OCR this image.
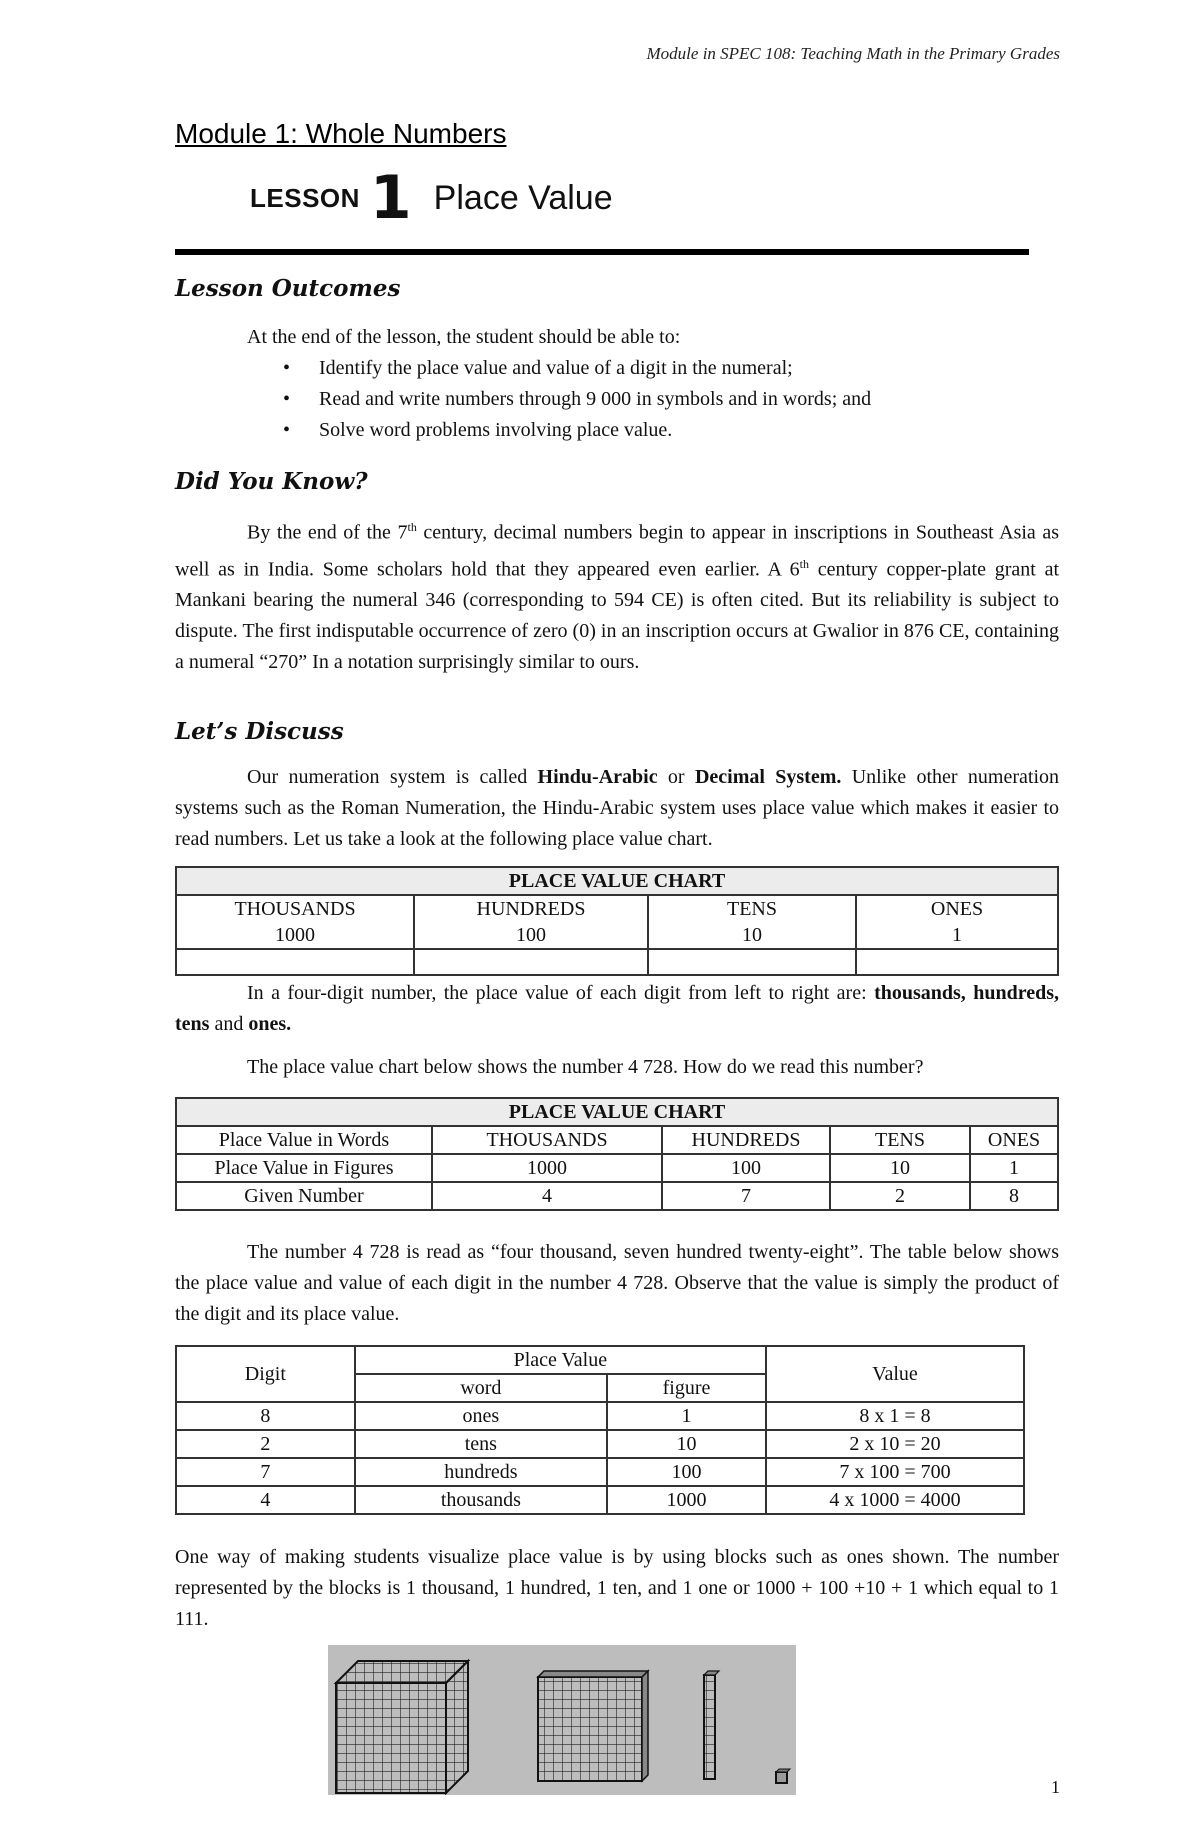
Module in SPEC 108: Teaching Math in the Primary Grades
Module 1: Whole Numbers
LESSON 1 Place Value
Lesson Outcomes
At the end of the lesson, the student should be able to:
• Identify the place value and value of a digit in the numeral;
• Read and write numbers through 9 000 in symbols and in words; and
• Solve word problems involving place value.
Did You Know?
By the end of the 7th century, decimal numbers begin to appear in inscriptions in Southeast Asia as well as in India. Some scholars hold that they appeared even earlier. A 6th century copper-plate grant at Mankani bearing the numeral 346 (corresponding to 594 CE) is often cited. But its reliability is subject to dispute. The first indisputable occurrence of zero (0) in an inscription occurs at Gwalior in 876 CE, containing a numeral “270” In a notation surprisingly similar to ours.
Let’s Discuss
Our numeration system is called Hindu-Arabic or Decimal System. Unlike other numeration systems such as the Roman Numeration, the Hindu-Arabic system uses place value which makes it easier to read numbers. Let us take a look at the following place value chart.
PLACE VALUE CHART			
THOUSANDS	HUNDREDS	TENS	ONES
1000	100	10	1

In a four-digit number, the place value of each digit from left to right are: thousands, hundreds, tens and ones.
The place value chart below shows the number 4 728. How do we read this number?
PLACE VALUE CHART				
Place Value in Words	THOUSANDS	HUNDREDS	TENS	ONES
Place Value in Figures	1000	100	10	1
Given Number	4	7	2	8
The number 4 728 is read as “four thousand, seven hundred twenty-eight”. The table below shows the place value and value of each digit in the number 4 728. Observe that the value is simply the product of the digit and its place value.
Digit	Place Value		Value
	word	figure	
8	ones	1	8 x 1 = 8
2	tens	10	2 x 10 = 20
7	hundreds	100	7 x 100 = 700
4	thousands	1000	4 x 1000 = 4000
One way of making students visualize place value is by using blocks such as ones shown. The number represented by the blocks is 1 thousand, 1 hundred, 1 ten, and 1 one or 1000 + 100 +10 + 1 which equal to 1 111.
1
